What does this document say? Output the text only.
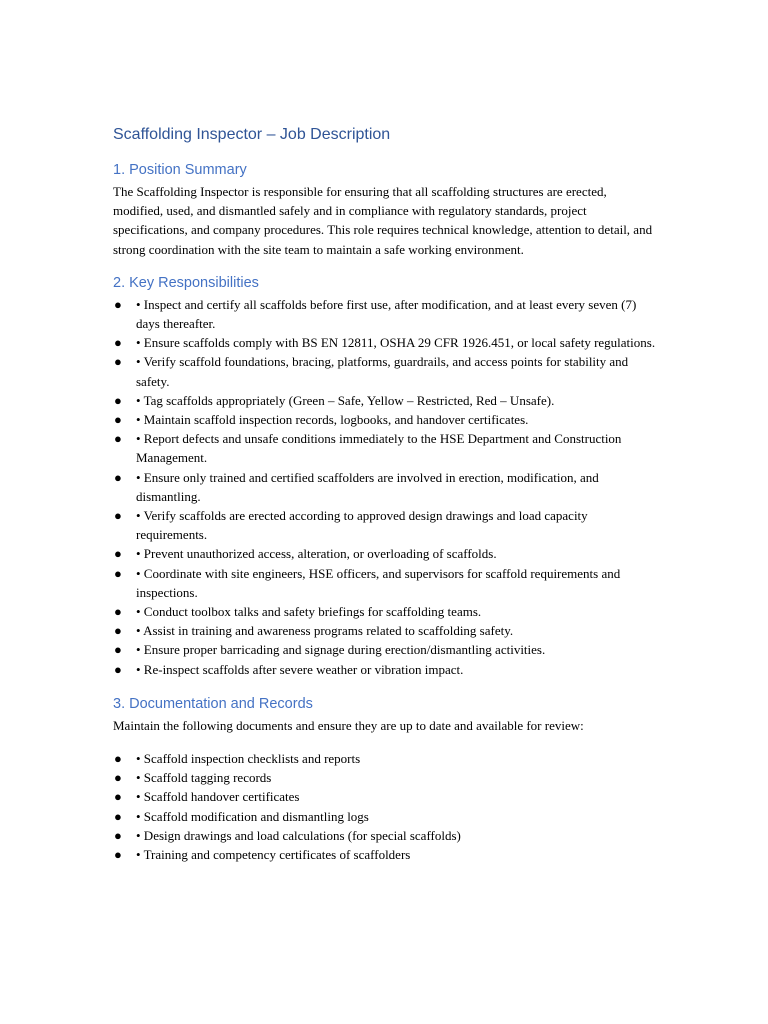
Scaffolding Inspector – Job Description
1. Position Summary

The Scaffolding Inspector is responsible for ensuring that all scaffolding structures are erected, modified, used, and dismantled safely and in compliance with regulatory standards, project specifications, and company procedures. This role requires technical knowledge, attention to detail, and strong coordination with the site team to maintain a safe working environment.

2. Key Responsibilities
● • Inspect and certify all scaffolds before first use, after modification, and at least every seven (7) days thereafter.
● • Ensure scaffolds comply with BS EN 12811, OSHA 29 CFR 1926.451, or local safety regulations.
● • Verify scaffold foundations, bracing, platforms, guardrails, and access points for stability and safety.
● • Tag scaffolds appropriately (Green – Safe, Yellow – Restricted, Red – Unsafe).
● • Maintain scaffold inspection records, logbooks, and handover certificates.
● • Report defects and unsafe conditions immediately to the HSE Department and Construction Management.
● • Ensure only trained and certified scaffolders are involved in erection, modification, and dismantling.
● • Verify scaffolds are erected according to approved design drawings and load capacity requirements.
● • Prevent unauthorized access, alteration, or overloading of scaffolds.
● • Coordinate with site engineers, HSE officers, and supervisors for scaffold requirements and inspections.
● • Conduct toolbox talks and safety briefings for scaffolding teams.
● • Assist in training and awareness programs related to scaffolding safety.
● • Ensure proper barricading and signage during erection/dismantling activities.
● • Re-inspect scaffolds after severe weather or vibration impact.
3. Documentation and Records

Maintain the following documents and ensure they are up to date and available for review:

● • Scaffold inspection checklists and reports
● • Scaffold tagging records
● • Scaffold handover certificates
● • Scaffold modification and dismantling logs
● • Design drawings and load calculations (for special scaffolds)
● • Training and competency certificates of scaffolders
